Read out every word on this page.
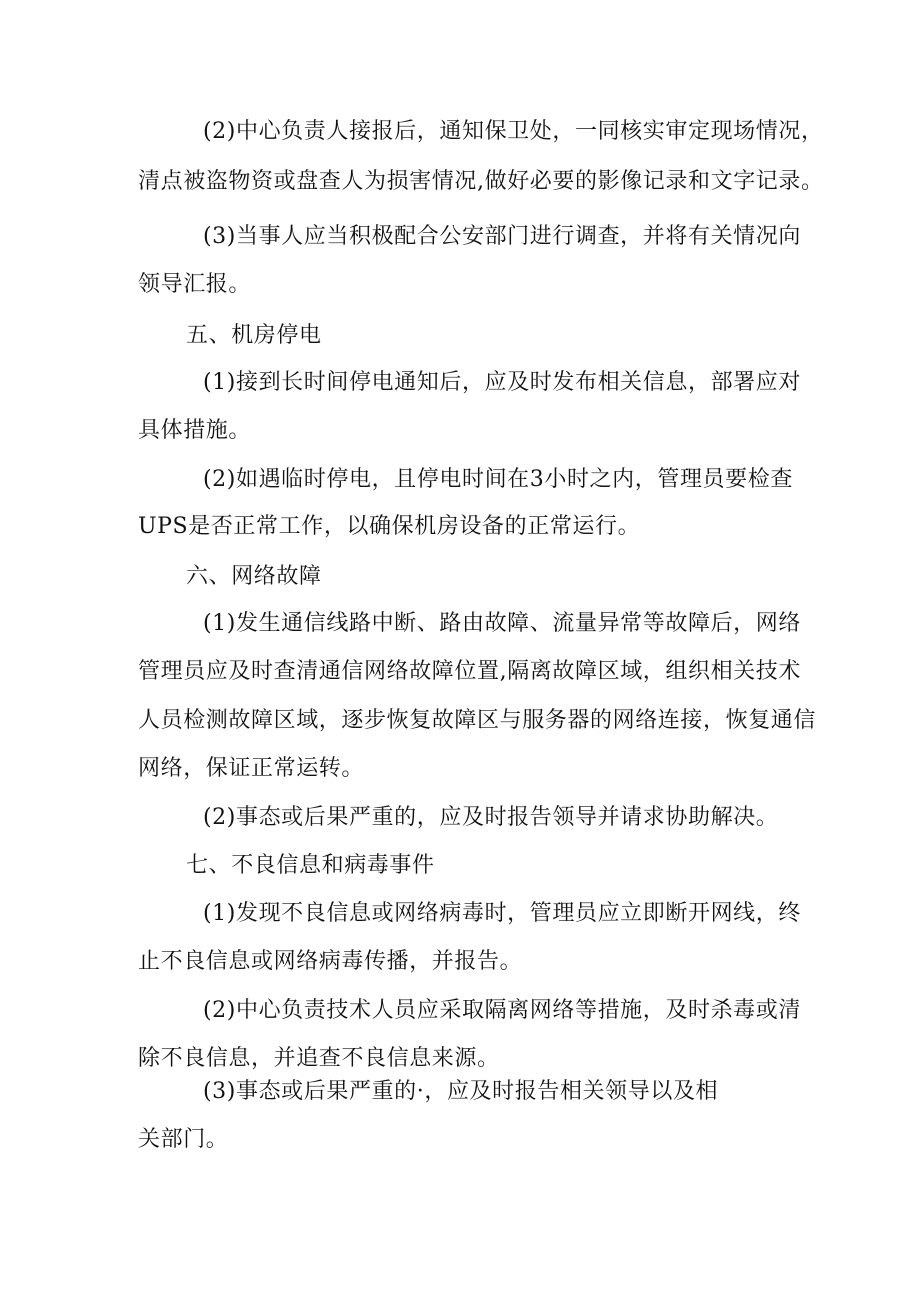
(2)中心负责人接报后，通知保卫处，一同核实审定现场情况，
清点被盗物资或盘查人为损害情况,做好必要的影像记录和文字记录。
(3)当事人应当积极配合公安部门进行调查，并将有关情况向
领导汇报。
五、机房停电
(1)接到长时间停电通知后，应及时发布相关信息，部署应对
具体措施。
(2)如遇临时停电，且停电时间在3小时之内，管理员要检查
UPS是否正常工作，以确保机房设备的正常运行。
六、网络故障
(1)发生通信线路中断、路由故障、流量异常等故障后，网络
管理员应及时查清通信网络故障位置,隔离故障区域，组织相关技术
人员检测故障区域，逐步恢复故障区与服务器的网络连接，恢复通信
网络，保证正常运转。
(2)事态或后果严重的，应及时报告领导并请求协助解决。
七、不良信息和病毒事件
(1)发现不良信息或网络病毒时，管理员应立即断开网线，终
止不良信息或网络病毒传播，并报告。
(2)中心负责技术人员应采取隔离网络等措施，及时杀毒或清
除不良信息，并追查不良信息来源。
(3)事态或后果严重的·，应及时报告相关领导以及相
关部门。
